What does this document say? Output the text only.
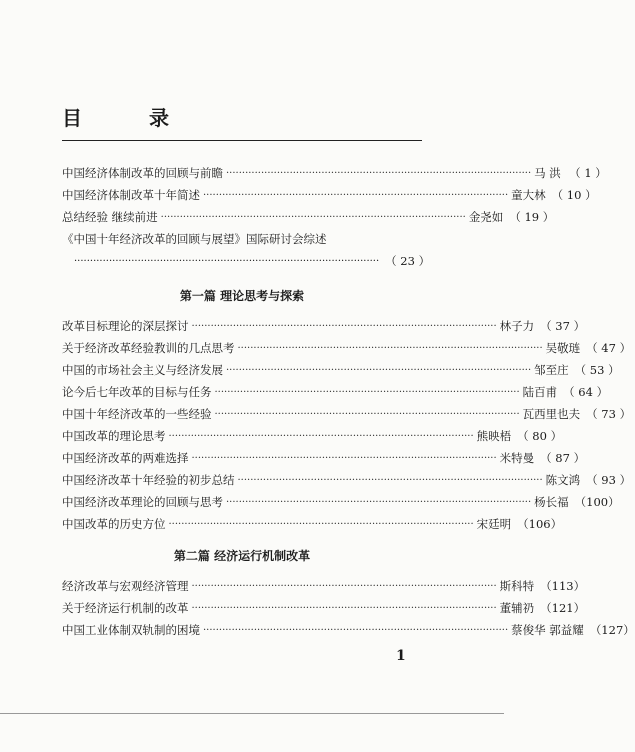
目 录
中国经济体制改革的回顾与前瞻 ································································································ 马 洪 （ 1 ）
中国经济体制改革十年简述 ································································································ 童大林 （ 10 ）
总结经验 继续前进 ································································································ 金尧如 （ 19 ）
《中国十年经济改革的回顾与展望》国际研讨会综述
································································································ （ 23 ）
第一篇 理论思考与探索
改革目标理论的深层探讨 ································································································ 林子力 （ 37 ）
关于经济改革经验教训的几点思考 ································································································ 吴敬琏 （ 47 ）
中国的市场社会主义与经济发展 ································································································ 邹至庄 （ 53 ）
论今后七年改革的目标与任务 ································································································ 陆百甫 （ 64 ）
中国十年经济改革的一些经验 ································································································ 瓦西里也夫 （ 73 ）
中国改革的理论思考 ································································································ 熊映梧 （ 80 ）
中国经济改革的两难选择 ································································································ 米特曼 （ 87 ）
中国经济改革十年经验的初步总结 ································································································ 陈文鸿 （ 93 ）
中国经济改革理论的回顾与思考 ································································································ 杨长福 （100）
中国改革的历史方位 ································································································ 宋廷明 （106）
第二篇 经济运行机制改革
经济改革与宏观经济管理 ································································································ 斯科特 （113）
关于经济运行机制的改革 ································································································ 董辅礽 （121）
中国工业体制双轨制的困境 ································································································ 蔡俊华 郭益耀 （127）
1
